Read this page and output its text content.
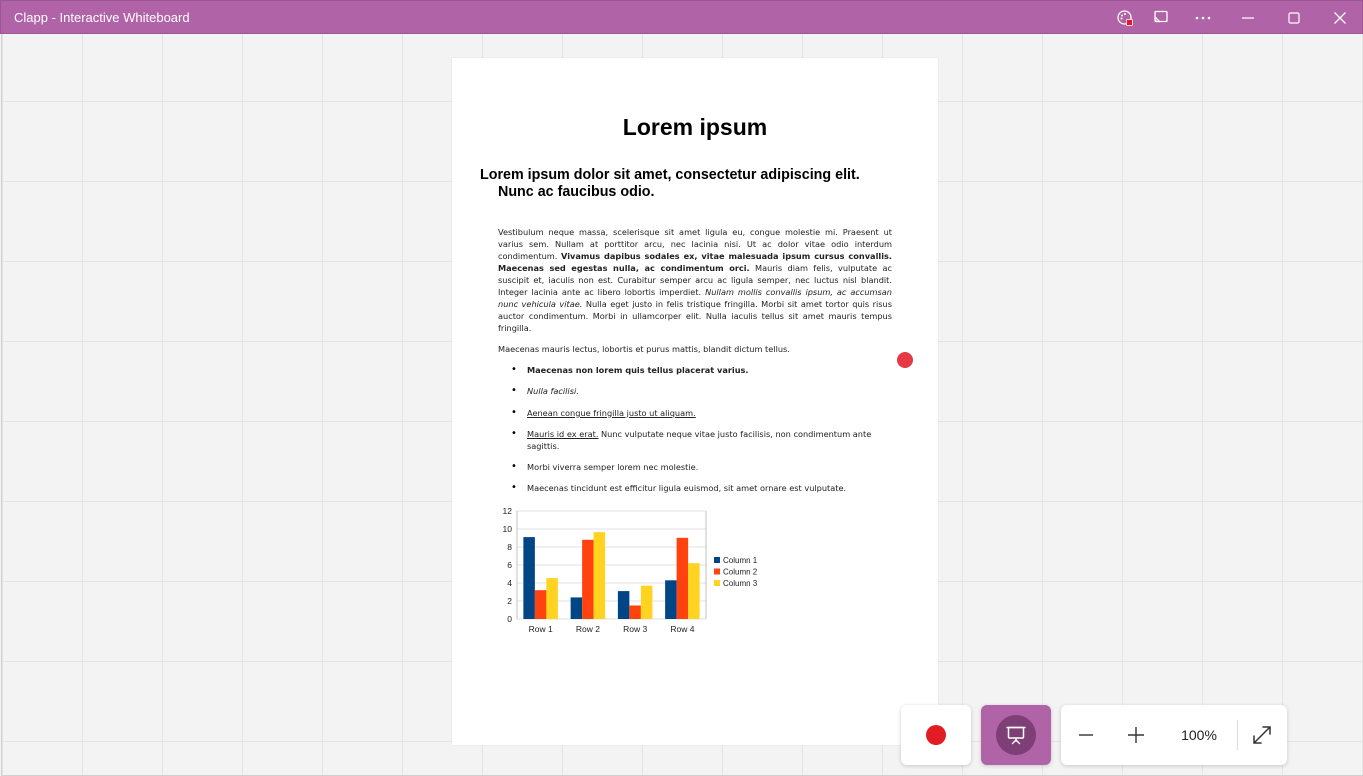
Clapp - Interactive Whiteboard
Lorem ipsum
Lorem ipsum dolor sit amet, consectetur adipiscing elit.
Nunc ac faucibus odio.
Vestibulum neque massa, scelerisque sit amet ligula eu, congue molestie mi. Praesent ut varius sem. Nullam at porttitor arcu, nec lacinia nisi. Ut ac dolor vitae odio interdum condimentum. Vivamus dapibus sodales ex, vitae malesuada ipsum cursus convallis. Maecenas sed egestas nulla, ac condimentum orci. Mauris diam felis, vulputate ac suscipit et, iaculis non est. Curabitur semper arcu ac ligula semper, nec luctus nisl blandit. Integer lacinia ante ac libero lobortis imperdiet. Nullam mollis convallis ipsum, ac accumsan nunc vehicula vitae. Nulla eget justo in felis tristique fringilla. Morbi sit amet tortor quis risus auctor condimentum. Morbi in ullamcorper elit. Nulla iaculis tellus sit amet mauris tempus fringilla.
Maecenas mauris lectus, lobortis et purus mattis, blandit dictum tellus.
• Maecenas non lorem quis tellus placerat varius.
• Nulla facilisi.
• Aenean congue fringilla justo ut aliquam.
• Mauris id ex erat. Nunc vulputate neque vitae justo facilisis, non condimentum ante sagittis.
• Morbi viverra semper lorem nec molestie.
• Maecenas tincidunt est efficitur ligula euismod, sit amet ornare est vulputate.
0
2
4
6
8
10
12
Row 1	Row 2	Row 3	Row 4
Column 1
Column 2
Column 3
100%
